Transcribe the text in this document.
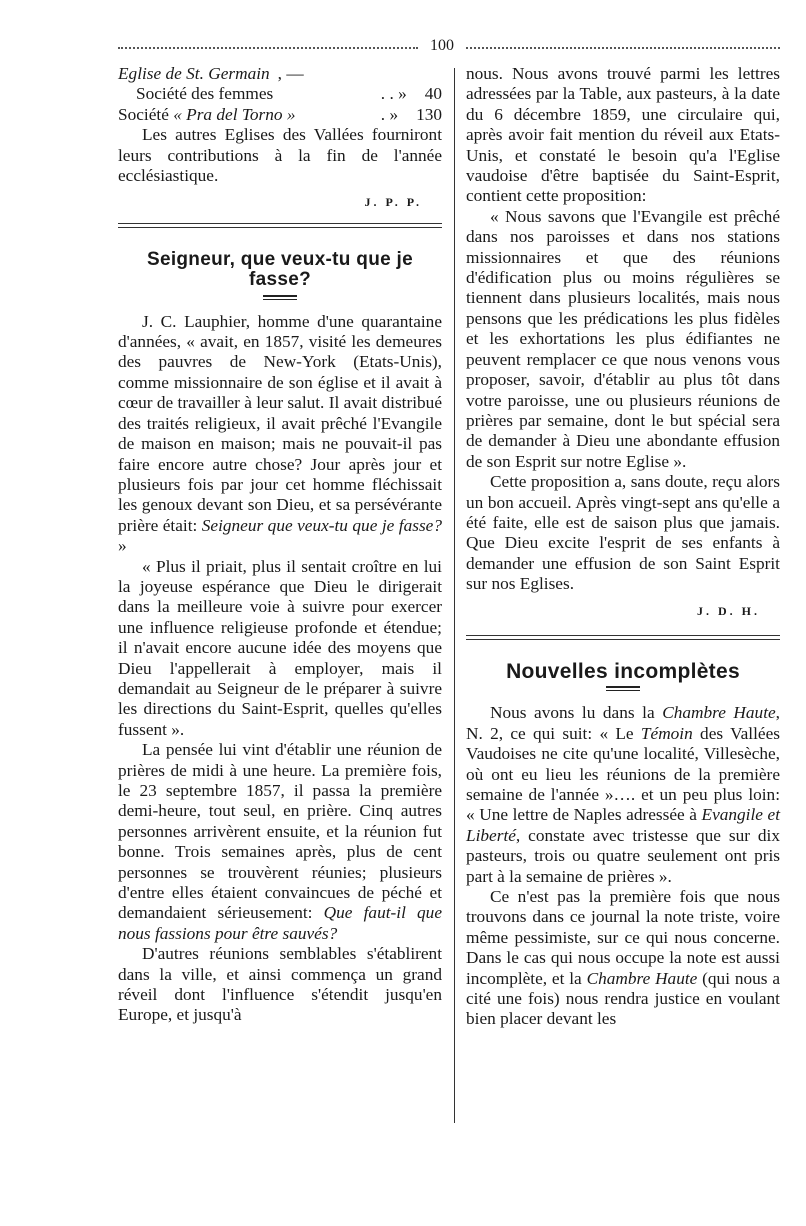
100
Eglise de St. Germain , —
Société des femmes	. . » 40
Société « Pra del Torno »	. » 130

Les autres Eglises des Vallées fourniront leurs contributions à la fin de l'année ecclésiastique.

J. P. P.
Seigneur, que veux-tu que je fasse?

J. C. Lauphier, homme d'une quarantaine d'années, « avait, en 1857, visité les demeures des pauvres de New-York (Etats-Unis), comme missionnaire de son église et il avait à cœur de travailler à leur salut. Il avait distribué des traités religieux, il avait prêché l'Evangile de maison en maison; mais ne pouvait-il pas faire encore autre chose? Jour après jour et plusieurs fois par jour cet homme fléchissait les genoux devant son Dieu, et sa persévérante prière était: Seigneur que veux-tu que je fasse? »

« Plus il priait, plus il sentait croître en lui la joyeuse espérance que Dieu le dirigerait dans la meilleure voie à suivre pour exercer une influence religieuse profonde et étendue; il n'avait encore aucune idée des moyens que Dieu l'appellerait à employer, mais il demandait au Seigneur de le préparer à suivre les directions du Saint-Esprit, quelles qu'elles fussent ».

La pensée lui vint d'établir une réunion de prières de midi à une heure. La première fois, le 23 septembre 1857, il passa la première demi-heure, tout seul, en prière. Cinq autres personnes arrivèrent ensuite, et la réunion fut bonne. Trois semaines après, plus de cent personnes se trouvèrent réunies; plusieurs d'entre elles étaient convaincues de péché et demandaient sérieusement: Que faut-il que nous fassions pour être sauvés?

D'autres réunions semblables s'établirent dans la ville, et ainsi commença un grand réveil dont l'influence s'étendit jusqu'en Europe, et jusqu'à

nous. Nous avons trouvé parmi les lettres adressées par la Table, aux pasteurs, à la date du 6 décembre 1859, une circulaire qui, après avoir fait mention du réveil aux Etats-Unis, et constaté le besoin qu'a l'Eglise vaudoise d'être baptisée du Saint-Esprit, contient cette proposition:

« Nous savons que l'Evangile est prêché dans nos paroisses et dans nos stations missionnaires et que des réunions d'édification plus ou moins régulières se tiennent dans plusieurs localités, mais nous pensons que les prédications les plus fidèles et les exhortations les plus édifiantes ne peuvent remplacer ce que nous venons vous proposer, savoir, d'établir au plus tôt dans votre paroisse, une ou plusieurs réunions de prières par semaine, dont le but spécial sera de demander à Dieu une abondante effusion de son Esprit sur notre Eglise ».

Cette proposition a, sans doute, reçu alors un bon accueil. Après vingt-sept ans qu'elle a été faite, elle est de saison plus que jamais. Que Dieu excite l'esprit de ses enfants à demander une effusion de son Saint Esprit sur nos Eglises.

J. D. H.
Nouvelles incomplètes

Nous avons lu dans la Chambre Haute, N. 2, ce qui suit: « Le Témoin des Vallées Vaudoises ne cite qu'une localité, Villesèche, où ont eu lieu les réunions de la première semaine de l'année »…. et un peu plus loin: « Une lettre de Naples adressée à Evangile et Liberté, constate avec tristesse que sur dix pasteurs, trois ou quatre seulement ont pris part à la semaine de prières ».

Ce n'est pas la première fois que nous trouvons dans ce journal la note triste, voire même pessimiste, sur ce qui nous concerne. Dans le cas qui nous occupe la note est aussi incomplète, et la Chambre Haute (qui nous a cité une fois) nous rendra justice en voulant bien placer devant les
